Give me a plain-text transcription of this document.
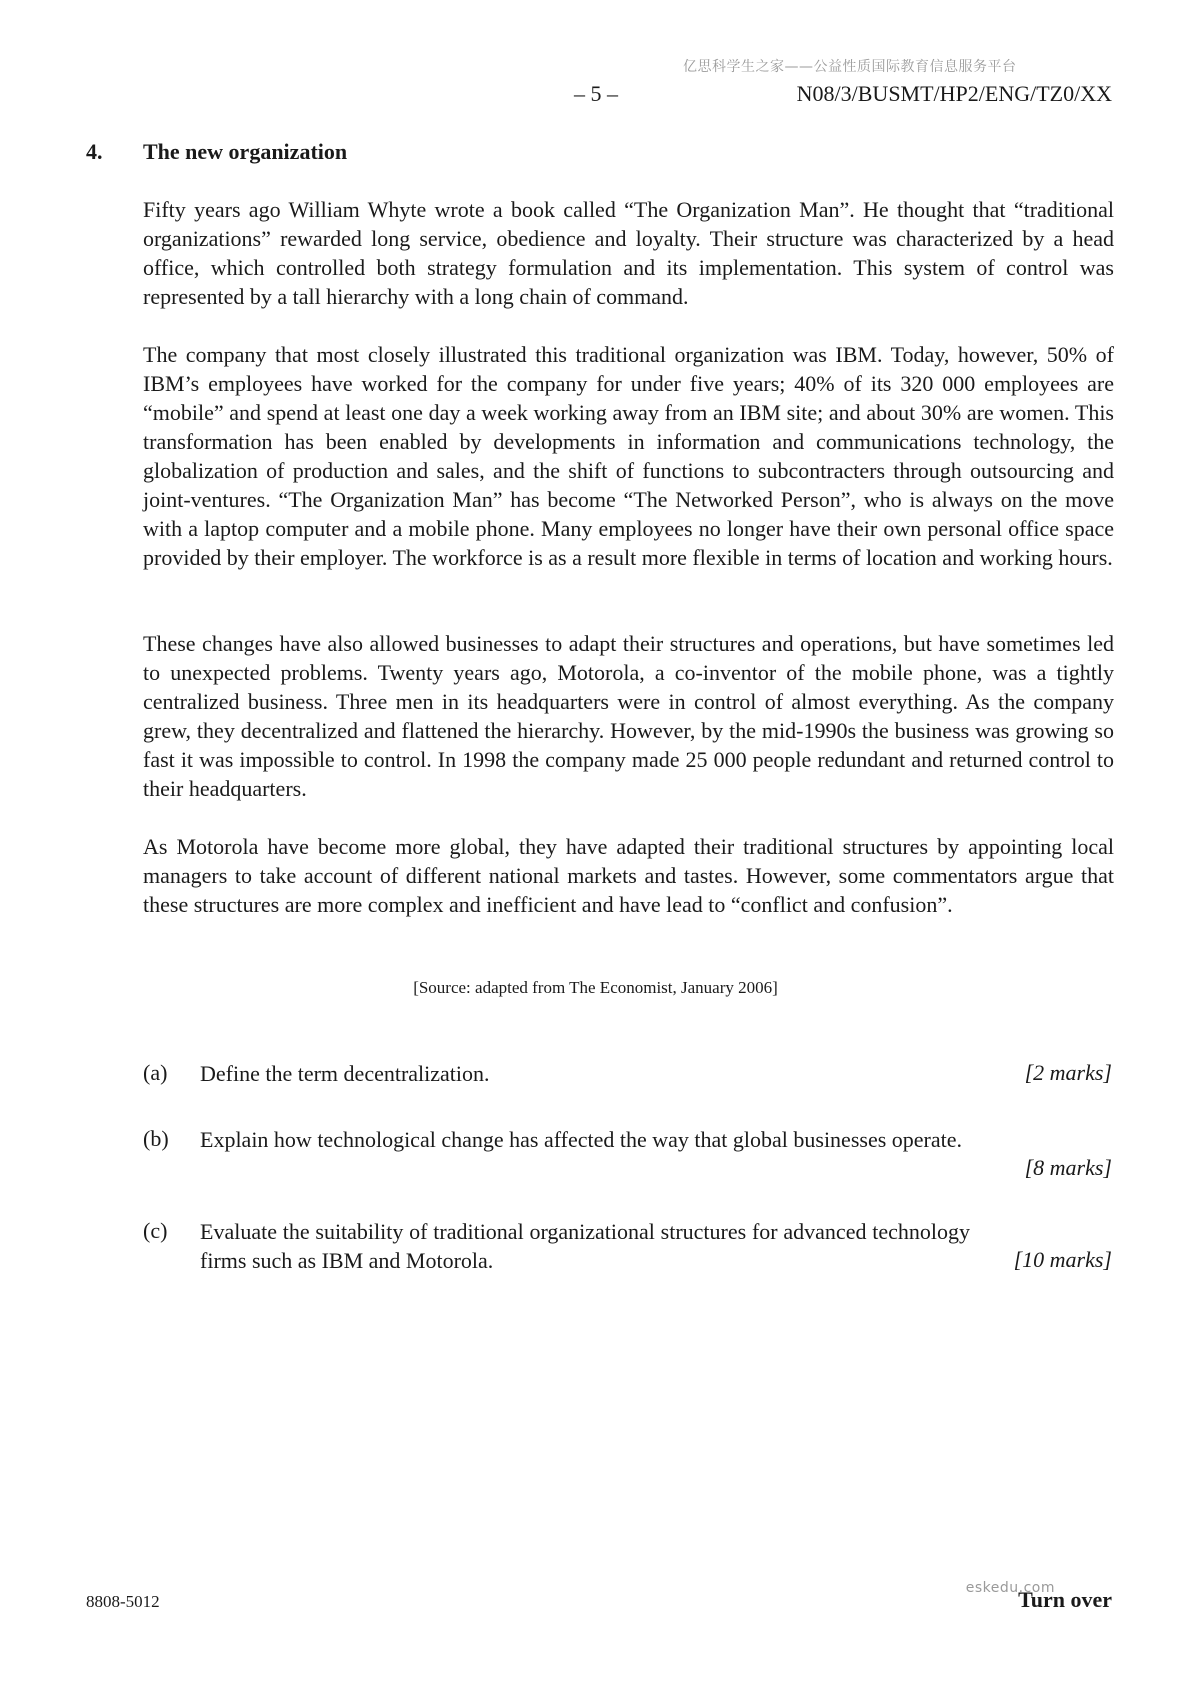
亿思科学生之家——公益性质国际教育信息服务平台
– 5 –	N08/3/BUSMT/HP2/ENG/TZ0/XX
4. The new organization

Fifty years ago William Whyte wrote a book called “The Organization Man”. He thought that “traditional organizations” rewarded long service, obedience and loyalty. Their structure was characterized by a head office, which controlled both strategy formulation and its implementation. This system of control was represented by a tall hierarchy with a long chain of command.

The company that most closely illustrated this traditional organization was IBM. Today, however, 50% of IBM’s employees have worked for the company for under five years; 40% of its 320 000 employees are “mobile” and spend at least one day a week working away from an IBM site; and about 30% are women. This transformation has been enabled by developments in information and communications technology, the globalization of production and sales, and the shift of functions to subcontracters through outsourcing and joint-ventures. “The Organization Man” has become “The Networked Person”, who is always on the move with a laptop computer and a mobile phone. Many employees no longer have their own personal office space provided by their employer. The workforce is as a result more flexible in terms of location and working hours.

These changes have also allowed businesses to adapt their structures and operations, but have sometimes led to unexpected problems. Twenty years ago, Motorola, a co-inventor of the mobile phone, was a tightly centralized business. Three men in its headquarters were in control of almost everything. As the company grew, they decentralized and flattened the hierarchy. However, by the mid-1990s the business was growing so fast it was impossible to control. In 1998 the company made 25 000 people redundant and returned control to their headquarters.

As Motorola have become more global, they have adapted their traditional structures by appointing local managers to take account of different national markets and tastes. However, some commentators argue that these structures are more complex and inefficient and have lead to “conflict and confusion”.

[Source: adapted from The Economist, January 2006]
(a) Define the term decentralization.	[2 marks]
(b) Explain how technological change has affected the way that global businesses operate.

[8 marks]
(c) Evaluate the suitability of traditional organizational structures for advanced technology firms such as IBM and Motorola.	[10 marks]
8808-5012
eskedu.com
Turn over
